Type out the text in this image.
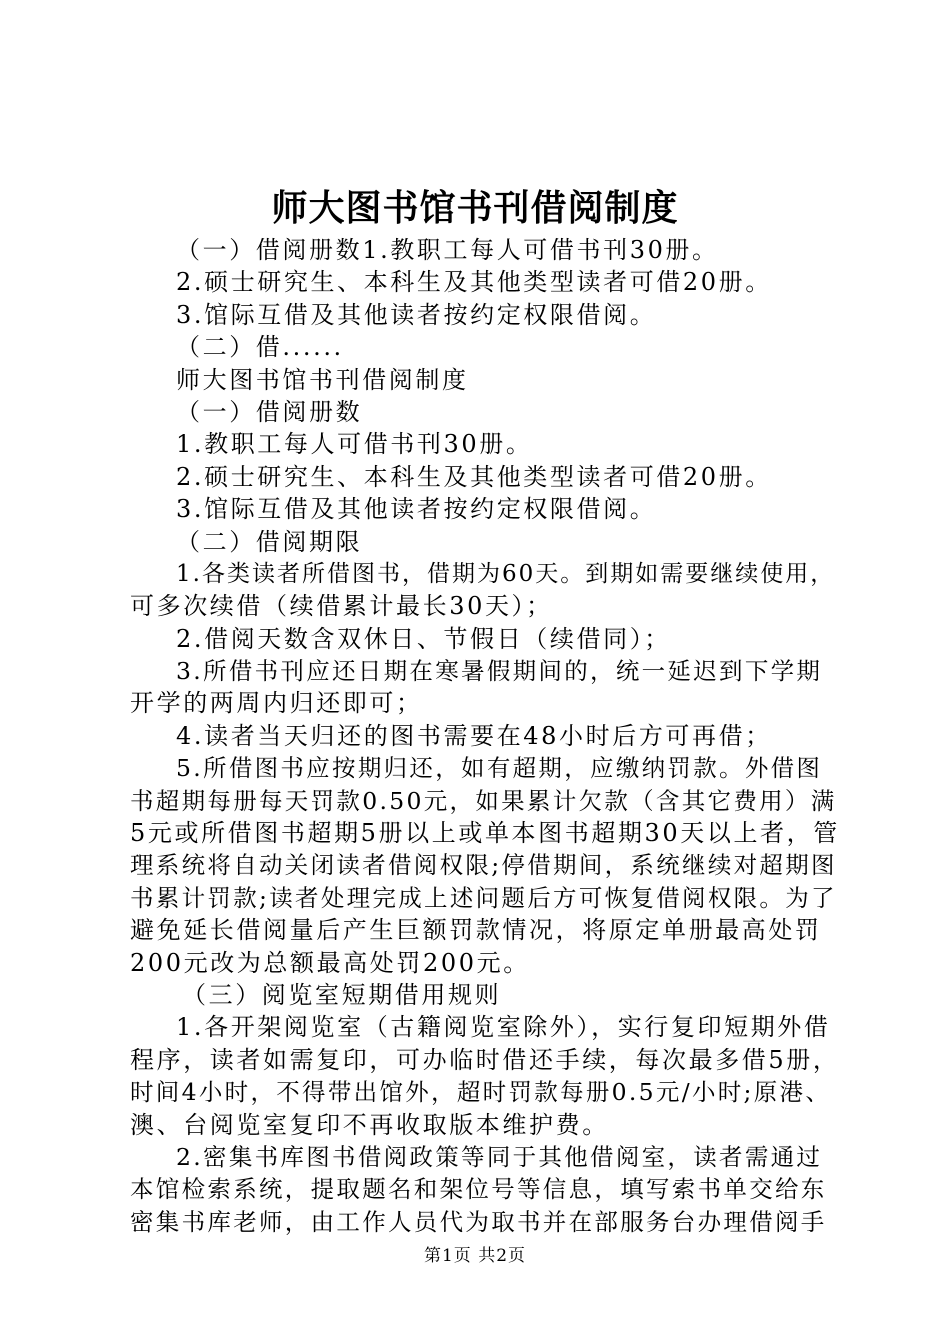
师大图书馆书刊借阅制度
（一）借阅册数1.教职工每人可借书刊30册。
2.硕士研究生、本科生及其他类型读者可借20册。
3.馆际互借及其他读者按约定权限借阅。
（二）借......
师大图书馆书刊借阅制度
（一）借阅册数
1.教职工每人可借书刊30册。
2.硕士研究生、本科生及其他类型读者可借20册。
3.馆际互借及其他读者按约定权限借阅。
（二）借阅期限
1.各类读者所借图书，借期为60天。到期如需要继续使用，
可多次续借（续借累计最长30天）；
2.借阅天数含双休日、节假日（续借同）；
3.所借书刊应还日期在寒暑假期间的，统一延迟到下学期
开学的两周内归还即可；
4.读者当天归还的图书需要在48小时后方可再借；
5.所借图书应按期归还，如有超期，应缴纳罚款。外借图
书超期每册每天罚款0.50元，如果累计欠款（含其它费用）满
5元或所借图书超期5册以上或单本图书超期30天以上者，管
理系统将自动关闭读者借阅权限;停借期间，系统继续对超期图
书累计罚款;读者处理完成上述问题后方可恢复借阅权限。为了
避免延长借阅量后产生巨额罚款情况，将原定单册最高处罚
200元改为总额最高处罚200元。
（三）阅览室短期借用规则
1.各开架阅览室（古籍阅览室除外），实行复印短期外借
程序，读者如需复印，可办临时借还手续，每次最多借5册，
时间4小时，不得带出馆外，超时罚款每册0.5元/小时;原港、
澳、台阅览室复印不再收取版本维护费。
2.密集书库图书借阅政策等同于其他借阅室，读者需通过
本馆检索系统，提取题名和架位号等信息，填写索书单交给东
密集书库老师，由工作人员代为取书并在部服务台办理借阅手
第1页 共2页
